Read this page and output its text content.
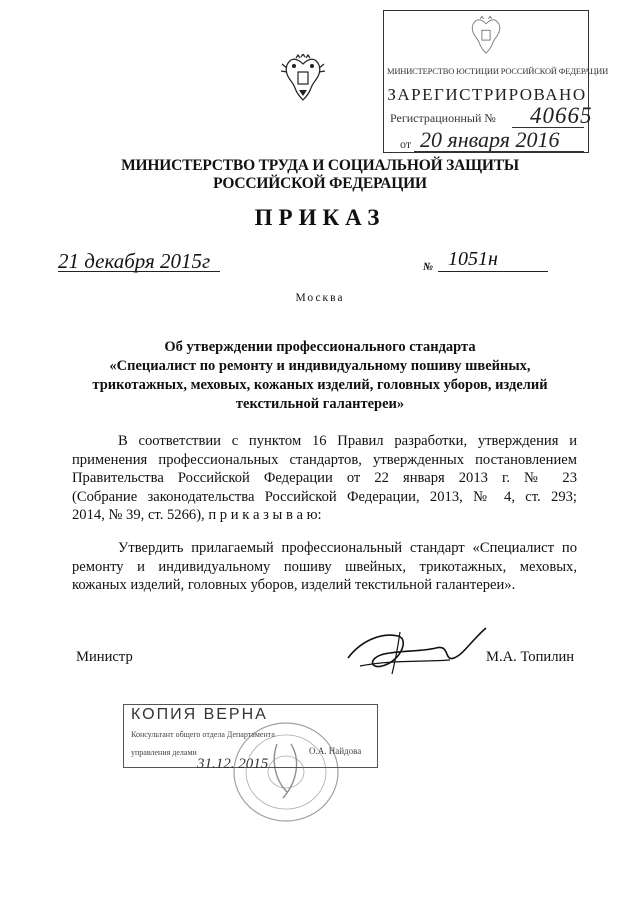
МИНИСТЕРСТВО ЮСТИЦИИ РОССИЙСКОЙ ФЕДЕРАЦИИ
ЗАРЕГИСТРИРОВАНО
Регистрационный № 40665
от 20 января 2016
МИНИСТЕРСТВО ТРУДА И СОЦИАЛЬНОЙ ЗАЩИТЫ
РОССИЙСКОЙ ФЕДЕРАЦИИ
ПРИКАЗ
21 декабря 2015г	№ 1051н
Москва
Об утверждении профессионального стандарта
«Специалист по ремонту и индивидуальному пошиву швейных,
трикотажных, меховых, кожаных изделий, головных уборов, изделий
текстильной галантереи»
В соответствии с пунктом 16 Правил разработки, утверждения и
применения профессиональных стандартов, утвержденных постановлением
Правительства Российской Федерации от 22 января 2013 г. № 23
(Собрание законодательства Российской Федерации, 2013, № 4, ст. 293;
2014, № 39, ст. 5266), п р и к а з ы в а ю:
Утвердить прилагаемый профессиональный стандарт «Специалист по
ремонту и индивидуальному пошиву швейных, трикотажных, меховых,
кожаных изделий, головных уборов, изделий текстильной галантереи».
Министр	М.А. Топилин
КОПИЯ ВЕРНА
Консультант общего отдела Департамента
управления делами	О.А. Найдова
31.12. 2015
